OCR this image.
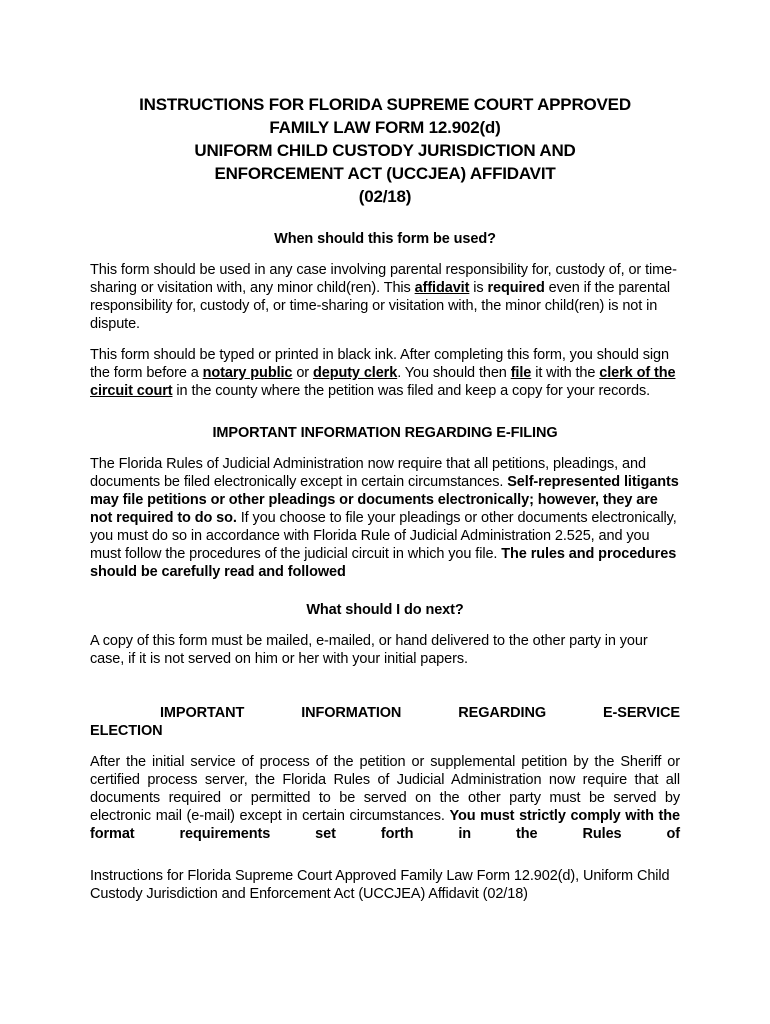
INSTRUCTIONS FOR FLORIDA SUPREME COURT APPROVED
FAMILY LAW FORM 12.902(d)
UNIFORM CHILD CUSTODY JURISDICTION AND
ENFORCEMENT ACT (UCCJEA) AFFIDAVIT
(02/18)
When should this form be used?
This form should be used in any case involving parental responsibility for, custody of, or time-sharing or visitation with, any minor child(ren). This affidavit is required even if the parental responsibility for, custody of, or time-sharing or visitation with, the minor child(ren) is not in dispute.
This form should be typed or printed in black ink. After completing this form, you should sign the form before a notary public or deputy clerk. You should then file it with the clerk of the circuit court in the county where the petition was filed and keep a copy for your records.
IMPORTANT INFORMATION REGARDING E-FILING
The Florida Rules of Judicial Administration now require that all petitions, pleadings, and documents be filed electronically except in certain circumstances. Self-represented litigants may file petitions or other pleadings or documents electronically; however, they are not required to do so. If you choose to file your pleadings or other documents electronically, you must do so in accordance with Florida Rule of Judicial Administration 2.525, and you must follow the procedures of the judicial circuit in which you file. The rules and procedures should be carefully read and followed
What should I do next?
A copy of this form must be mailed, e-mailed, or hand delivered to the other party in your case, if it is not served on him or her with your initial papers.
IMPORTANT	INFORMATION	REGARDING	E-SERVICE
ELECTION
After the initial service of process of the petition or supplemental petition by the Sheriff or certified process server, the Florida Rules of Judicial Administration now require that all documents required or permitted to be served on the other party must be served by electronic mail (e-mail) except in certain circumstances. You must strictly comply with the format requirements set forth in the Rules of
Instructions for Florida Supreme Court Approved Family Law Form 12.902(d), Uniform Child Custody Jurisdiction and Enforcement Act (UCCJEA) Affidavit (02/18)
